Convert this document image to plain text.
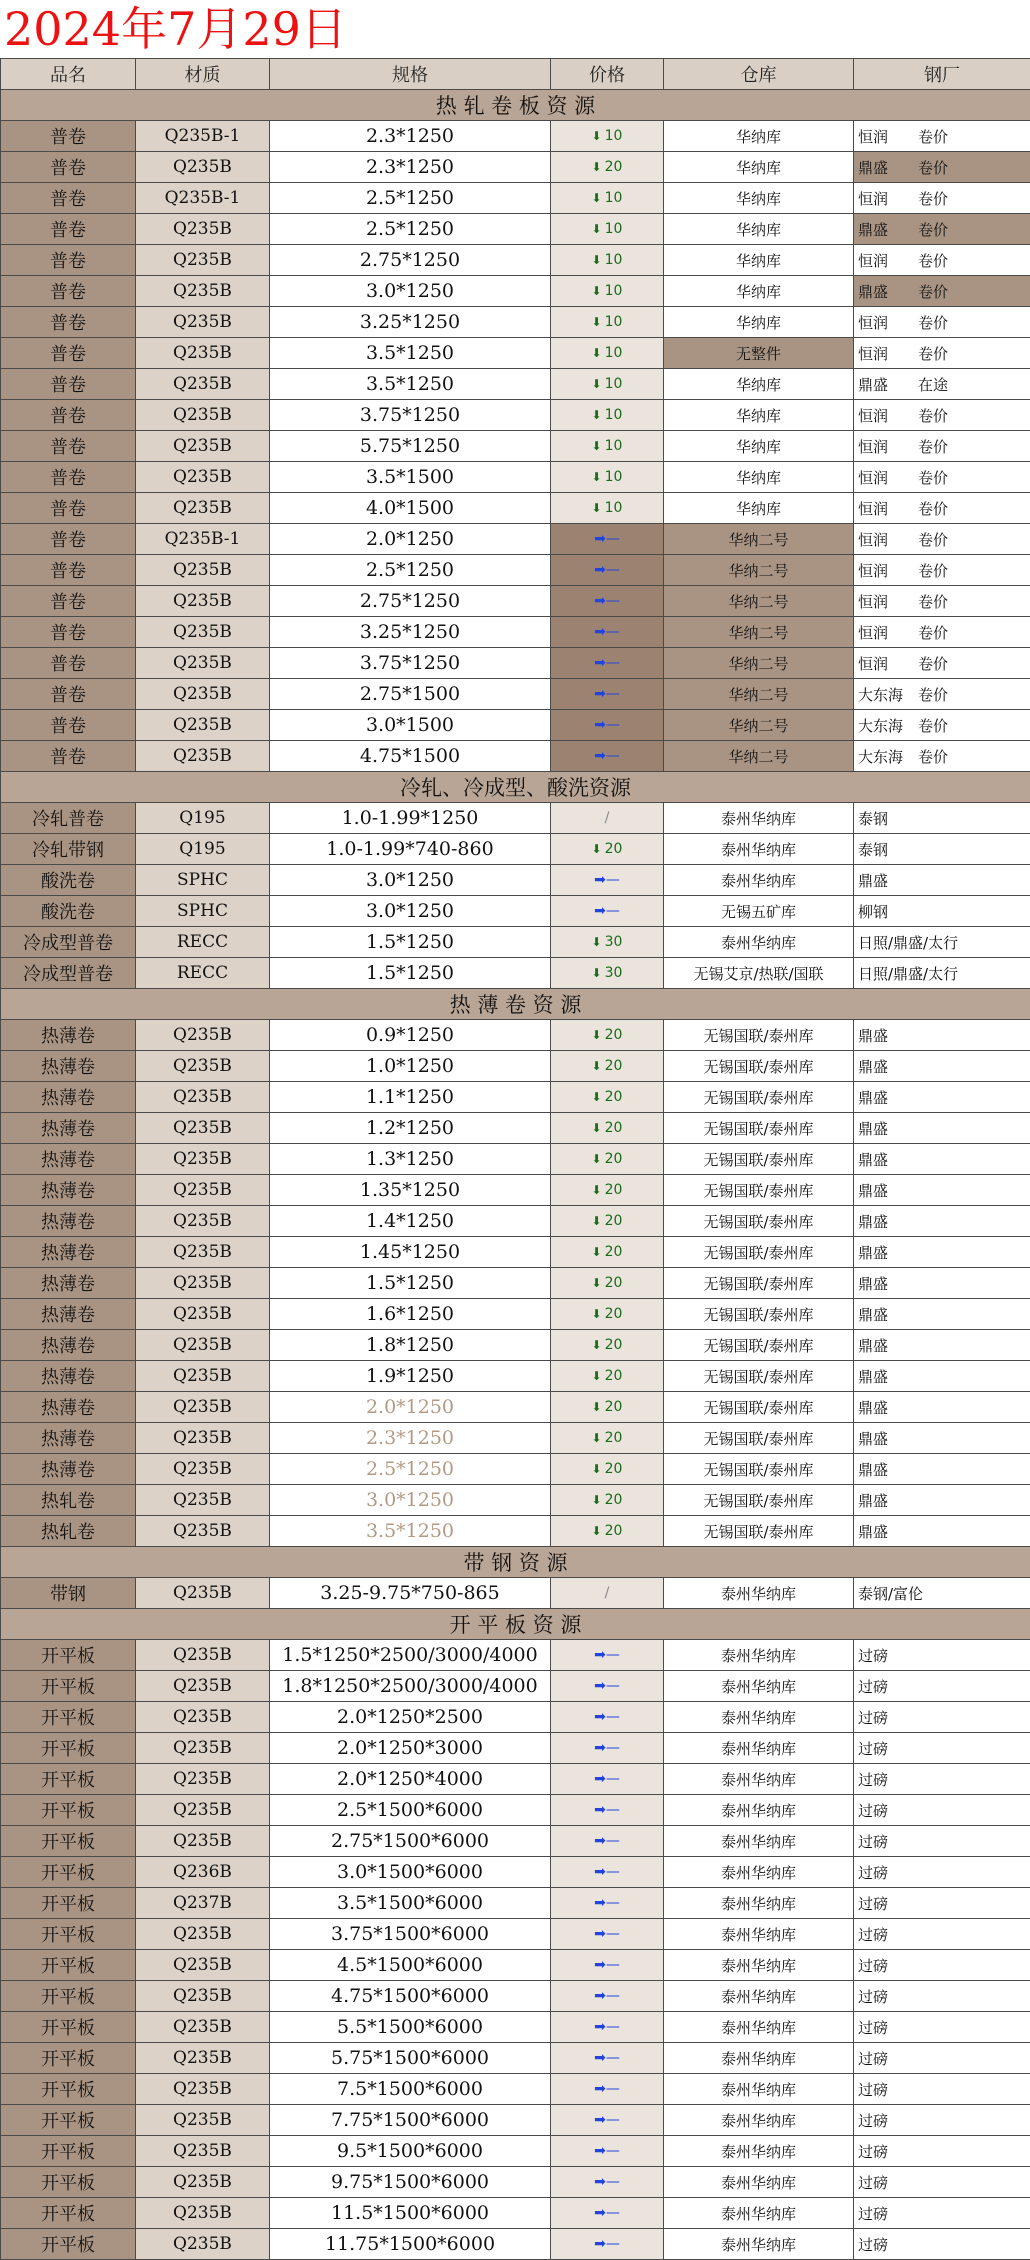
2024年7月29日
品名	材质	规格	价格	仓库	钢厂
热 轧 卷 板 资 源					
普卷	Q235B-1	2.3*1250	⬇ 10	华纳库	恒润　　卷价
普卷	Q235B	2.3*1250	⬇ 20	华纳库	鼎盛　　卷价
普卷	Q235B-1	2.5*1250	⬇ 10	华纳库	恒润　　卷价
普卷	Q235B	2.5*1250	⬇ 10	华纳库	鼎盛　　卷价
普卷	Q235B	2.75*1250	⬇ 10	华纳库	恒润　　卷价
普卷	Q235B	3.0*1250	⬇ 10	华纳库	鼎盛　　卷价
普卷	Q235B	3.25*1250	⬇ 10	华纳库	恒润　　卷价
普卷	Q235B	3.5*1250	⬇ 10	无整件	恒润　　卷价
普卷	Q235B	3.5*1250	⬇ 10	华纳库	鼎盛　　在途
普卷	Q235B	3.75*1250	⬇ 10	华纳库	恒润　　卷价
普卷	Q235B	5.75*1250	⬇ 10	华纳库	恒润　　卷价
普卷	Q235B	3.5*1500	⬇ 10	华纳库	恒润　　卷价
普卷	Q235B	4.0*1500	⬇ 10	华纳库	恒润　　卷价
普卷	Q235B-1	2.0*1250	➡—	华纳二号	恒润　　卷价
普卷	Q235B	2.5*1250	➡—	华纳二号	恒润　　卷价
普卷	Q235B	2.75*1250	➡—	华纳二号	恒润　　卷价
普卷	Q235B	3.25*1250	➡—	华纳二号	恒润　　卷价
普卷	Q235B	3.75*1250	➡—	华纳二号	恒润　　卷价
普卷	Q235B	2.75*1500	➡—	华纳二号	大东海　卷价
普卷	Q235B	3.0*1500	➡—	华纳二号	大东海　卷价
普卷	Q235B	4.75*1500	➡—	华纳二号	大东海　卷价
冷轧、冷成型、酸洗资源					
冷轧普卷	Q195	1.0-1.99*1250	/	泰州华纳库	泰钢
冷轧带钢	Q195	1.0-1.99*740-860	⬇ 20	泰州华纳库	泰钢
酸洗卷	SPHC	3.0*1250	➡—	泰州华纳库	鼎盛
酸洗卷	SPHC	3.0*1250	➡—	无锡五矿库	柳钢
冷成型普卷	RECC	1.5*1250	⬇ 30	泰州华纳库	日照/鼎盛/太行
冷成型普卷	RECC	1.5*1250	⬇ 30	无锡艾京/热联/国联	日照/鼎盛/太行
热 薄 卷 资 源					
热薄卷	Q235B	0.9*1250	⬇ 20	无锡国联/泰州库	鼎盛
热薄卷	Q235B	1.0*1250	⬇ 20	无锡国联/泰州库	鼎盛
热薄卷	Q235B	1.1*1250	⬇ 20	无锡国联/泰州库	鼎盛
热薄卷	Q235B	1.2*1250	⬇ 20	无锡国联/泰州库	鼎盛
热薄卷	Q235B	1.3*1250	⬇ 20	无锡国联/泰州库	鼎盛
热薄卷	Q235B	1.35*1250	⬇ 20	无锡国联/泰州库	鼎盛
热薄卷	Q235B	1.4*1250	⬇ 20	无锡国联/泰州库	鼎盛
热薄卷	Q235B	1.45*1250	⬇ 20	无锡国联/泰州库	鼎盛
热薄卷	Q235B	1.5*1250	⬇ 20	无锡国联/泰州库	鼎盛
热薄卷	Q235B	1.6*1250	⬇ 20	无锡国联/泰州库	鼎盛
热薄卷	Q235B	1.8*1250	⬇ 20	无锡国联/泰州库	鼎盛
热薄卷	Q235B	1.9*1250	⬇ 20	无锡国联/泰州库	鼎盛
热薄卷	Q235B	2.0*1250	⬇ 20	无锡国联/泰州库	鼎盛
热薄卷	Q235B	2.3*1250	⬇ 20	无锡国联/泰州库	鼎盛
热薄卷	Q235B	2.5*1250	⬇ 20	无锡国联/泰州库	鼎盛
热轧卷	Q235B	3.0*1250	⬇ 20	无锡国联/泰州库	鼎盛
热轧卷	Q235B	3.5*1250	⬇ 20	无锡国联/泰州库	鼎盛
带 钢 资 源					
带钢	Q235B	3.25-9.75*750-865	/	泰州华纳库	泰钢/富伦
开 平 板 资 源					
开平板	Q235B	1.5*1250*2500/3000/4000	➡—	泰州华纳库	过磅
开平板	Q235B	1.8*1250*2500/3000/4000	➡—	泰州华纳库	过磅
开平板	Q235B	2.0*1250*2500	➡—	泰州华纳库	过磅
开平板	Q235B	2.0*1250*3000	➡—	泰州华纳库	过磅
开平板	Q235B	2.0*1250*4000	➡—	泰州华纳库	过磅
开平板	Q235B	2.5*1500*6000	➡—	泰州华纳库	过磅
开平板	Q235B	2.75*1500*6000	➡—	泰州华纳库	过磅
开平板	Q236B	3.0*1500*6000	➡—	泰州华纳库	过磅
开平板	Q237B	3.5*1500*6000	➡—	泰州华纳库	过磅
开平板	Q235B	3.75*1500*6000	➡—	泰州华纳库	过磅
开平板	Q235B	4.5*1500*6000	➡—	泰州华纳库	过磅
开平板	Q235B	4.75*1500*6000	➡—	泰州华纳库	过磅
开平板	Q235B	5.5*1500*6000	➡—	泰州华纳库	过磅
开平板	Q235B	5.75*1500*6000	➡—	泰州华纳库	过磅
开平板	Q235B	7.5*1500*6000	➡—	泰州华纳库	过磅
开平板	Q235B	7.75*1500*6000	➡—	泰州华纳库	过磅
开平板	Q235B	9.5*1500*6000	➡—	泰州华纳库	过磅
开平板	Q235B	9.75*1500*6000	➡—	泰州华纳库	过磅
开平板	Q235B	11.5*1500*6000	➡—	泰州华纳库	过磅
开平板	Q235B	11.75*1500*6000	➡—	泰州华纳库	过磅
